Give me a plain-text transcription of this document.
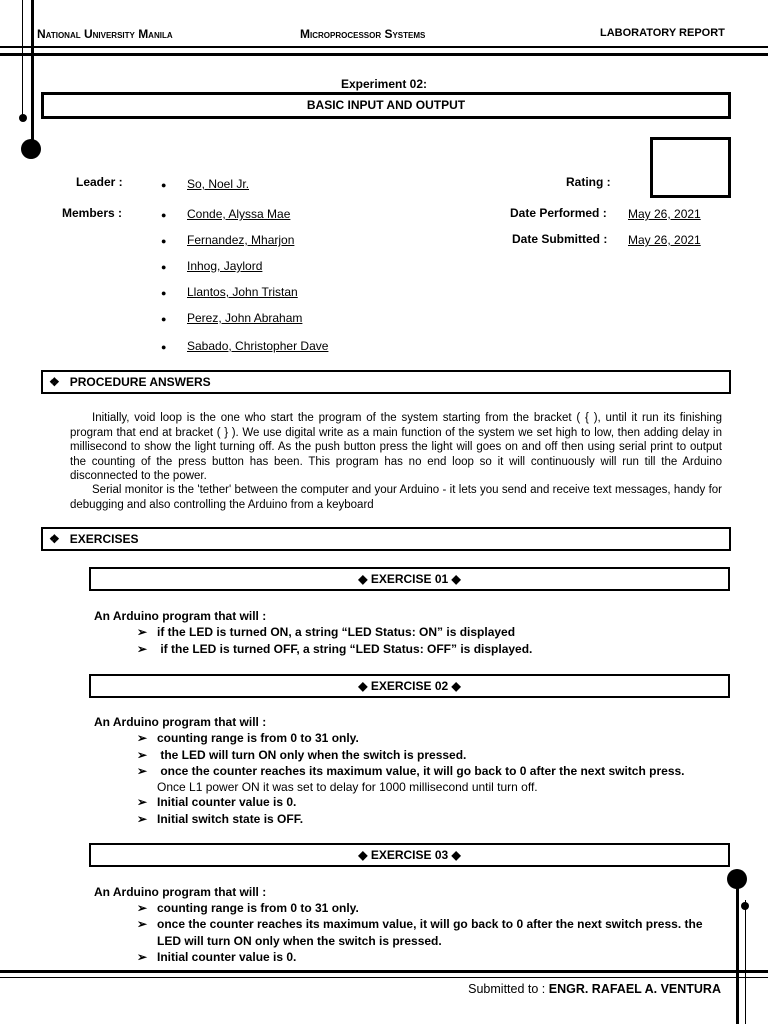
National University Manila	Microprocessor Systems	LABORATORY REPORT
Experiment 02:
BASIC INPUT AND OUTPUT
Leader :	● So, Noel Jr.
Members :	● Conde, Alyssa Mae
● Fernandez, Mharjon
● Inhog, Jaylord
● Llantos, John Tristan
● Perez, John Abraham
● Sabado, Christopher Dave
Rating :
Date Performed : May 26, 2021
Date Submitted : May 26, 2021
❖ PROCEDURE ANSWERS
Initially, void loop is the one who start the program of the system starting from the bracket ( { ), until it run its finishing program that end at bracket ( } ). We use digital write as a main function of the system we set high to low, then adding delay in millisecond to show the light turning off. As the push button press the light will goes on and off then using serial print to output the counting of the press button has been. This program has no end loop so it will continuously will run till the Arduino disconnected to the power.
Serial monitor is the 'tether' between the computer and your Arduino - it lets you send and receive text messages, handy for debugging and also controlling the Arduino from a keyboard
❖ EXERCISES
◆ EXERCISE 01 ◆
An Arduino program that will :
➢ if the LED is turned ON, a string “LED Status: ON” is displayed
➢ if the LED is turned OFF, a string “LED Status: OFF” is displayed.
◆ EXERCISE 02 ◆
An Arduino program that will :
➢ counting range is from 0 to 31 only.
➢ the LED will turn ON only when the switch is pressed.
➢ once the counter reaches its maximum value, it will go back to 0 after the next switch press.
Once L1 power ON it was set to delay for 1000 millisecond until turn off.
➢ Initial counter value is 0.
➢ Initial switch state is OFF.
◆ EXERCISE 03 ◆
An Arduino program that will :
➢ counting range is from 0 to 31 only.
➢ once the counter reaches its maximum value, it will go back to 0 after the next switch press. the
LED will turn ON only when the switch is pressed.
➢ Initial counter value is 0.
Submitted to : ENGR. RAFAEL A. VENTURA
